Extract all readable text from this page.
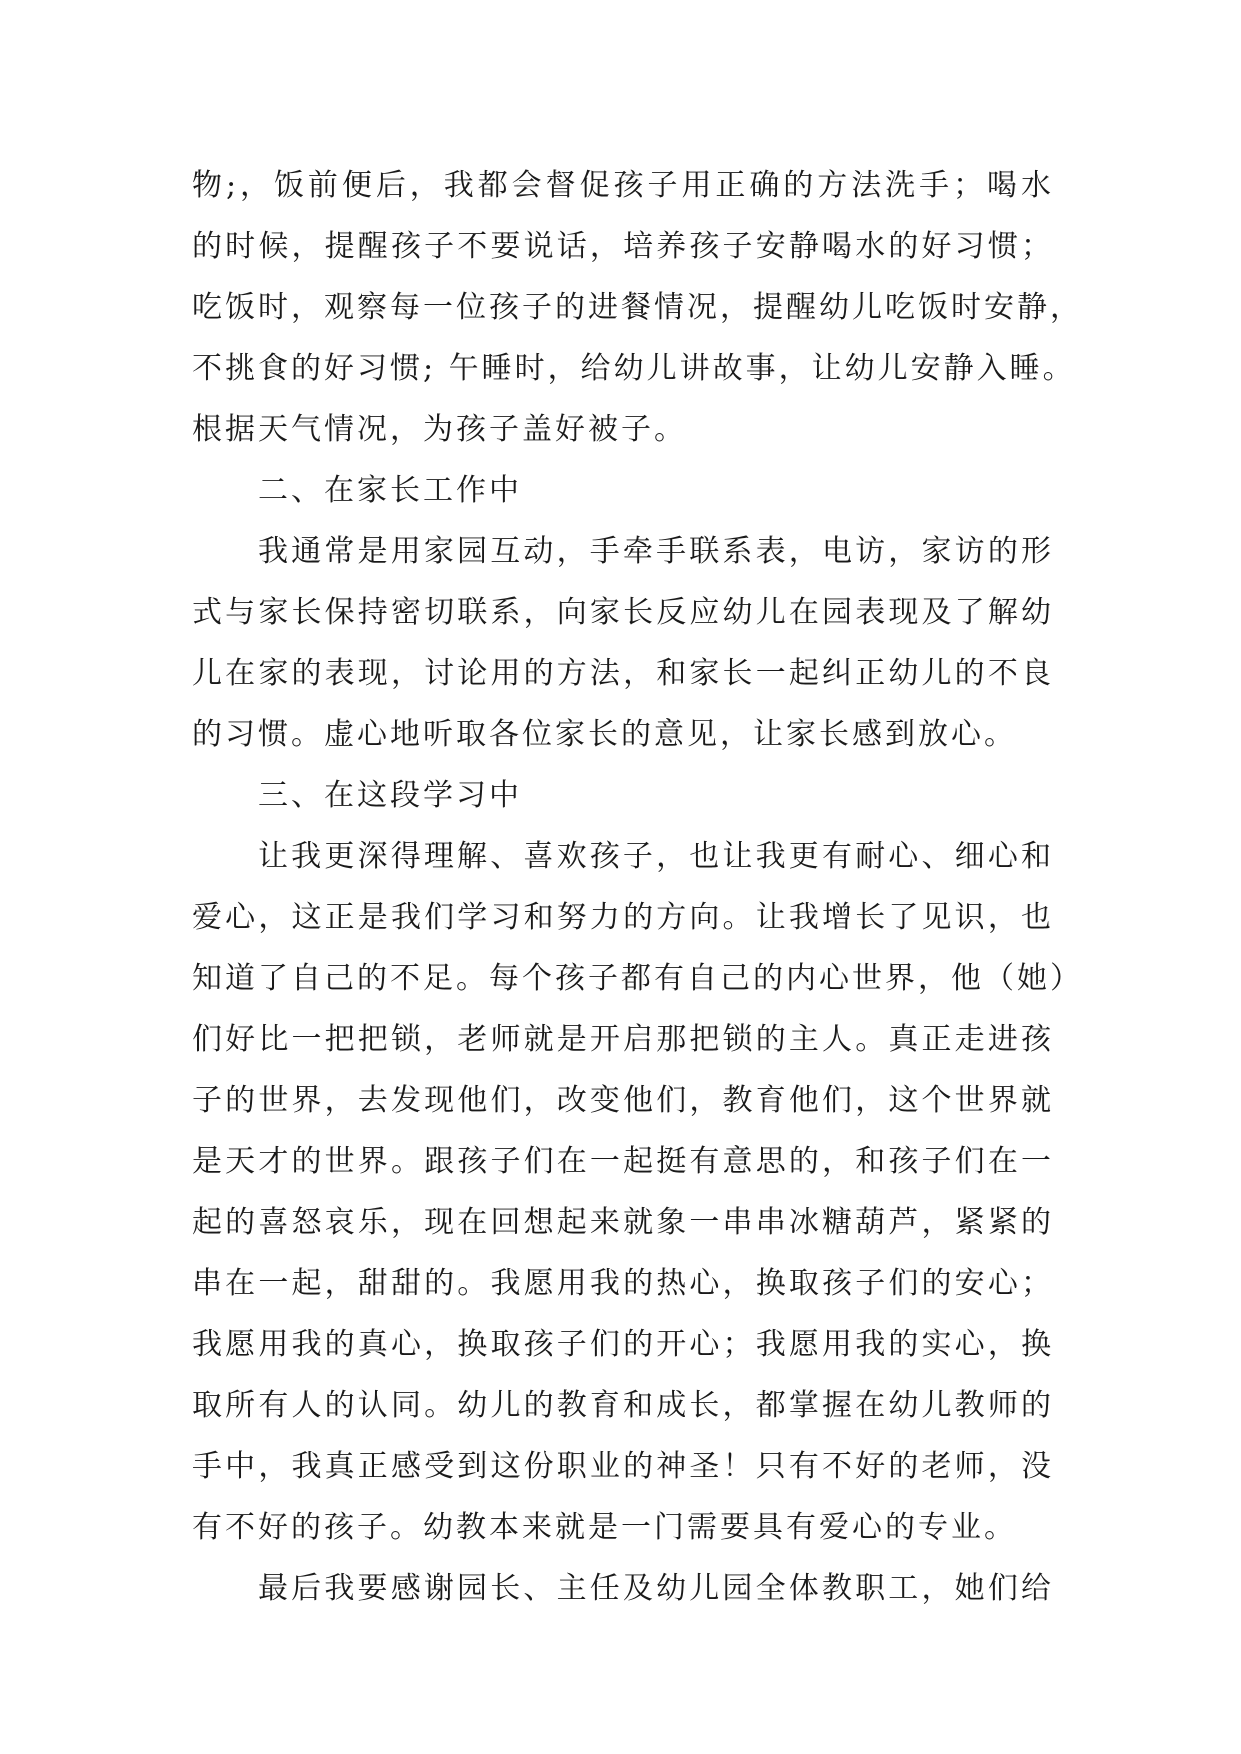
物;，饭前便后，我都会督促孩子用正确的方法洗手；喝水
的时候，提醒孩子不要说话，培养孩子安静喝水的好习惯；
吃饭时，观察每一位孩子的进餐情况，提醒幼儿吃饭时安静，
不挑食的好习惯; 午睡时，给幼儿讲故事，让幼儿安静入睡。
根据天气情况，为孩子盖好被子。
二、在家长工作中
我通常是用家园互动，手牵手联系表，电访，家访的形
式与家长保持密切联系，向家长反应幼儿在园表现及了解幼
儿在家的表现，讨论用的方法，和家长一起纠正幼儿的不良
的习惯。虚心地听取各位家长的意见，让家长感到放心。
三、在这段学习中
让我更深得理解、喜欢孩子，也让我更有耐心、细心和
爱心，这正是我们学习和努力的方向。让我增长了见识，也
知道了自己的不足。每个孩子都有自己的内心世界，他（她）
们好比一把把锁，老师就是开启那把锁的主人。真正走进孩
子的世界，去发现他们，改变他们，教育他们，这个世界就
是天才的世界。跟孩子们在一起挺有意思的，和孩子们在一
起的喜怒哀乐，现在回想起来就象一串串冰糖葫芦，紧紧的
串在一起，甜甜的。我愿用我的热心，换取孩子们的安心；
我愿用我的真心，换取孩子们的开心；我愿用我的实心，换
取所有人的认同。幼儿的教育和成长，都掌握在幼儿教师的
手中，我真正感受到这份职业的神圣！只有不好的老师，没
有不好的孩子。幼教本来就是一门需要具有爱心的专业。
最后我要感谢园长、主任及幼儿园全体教职工，她们给
